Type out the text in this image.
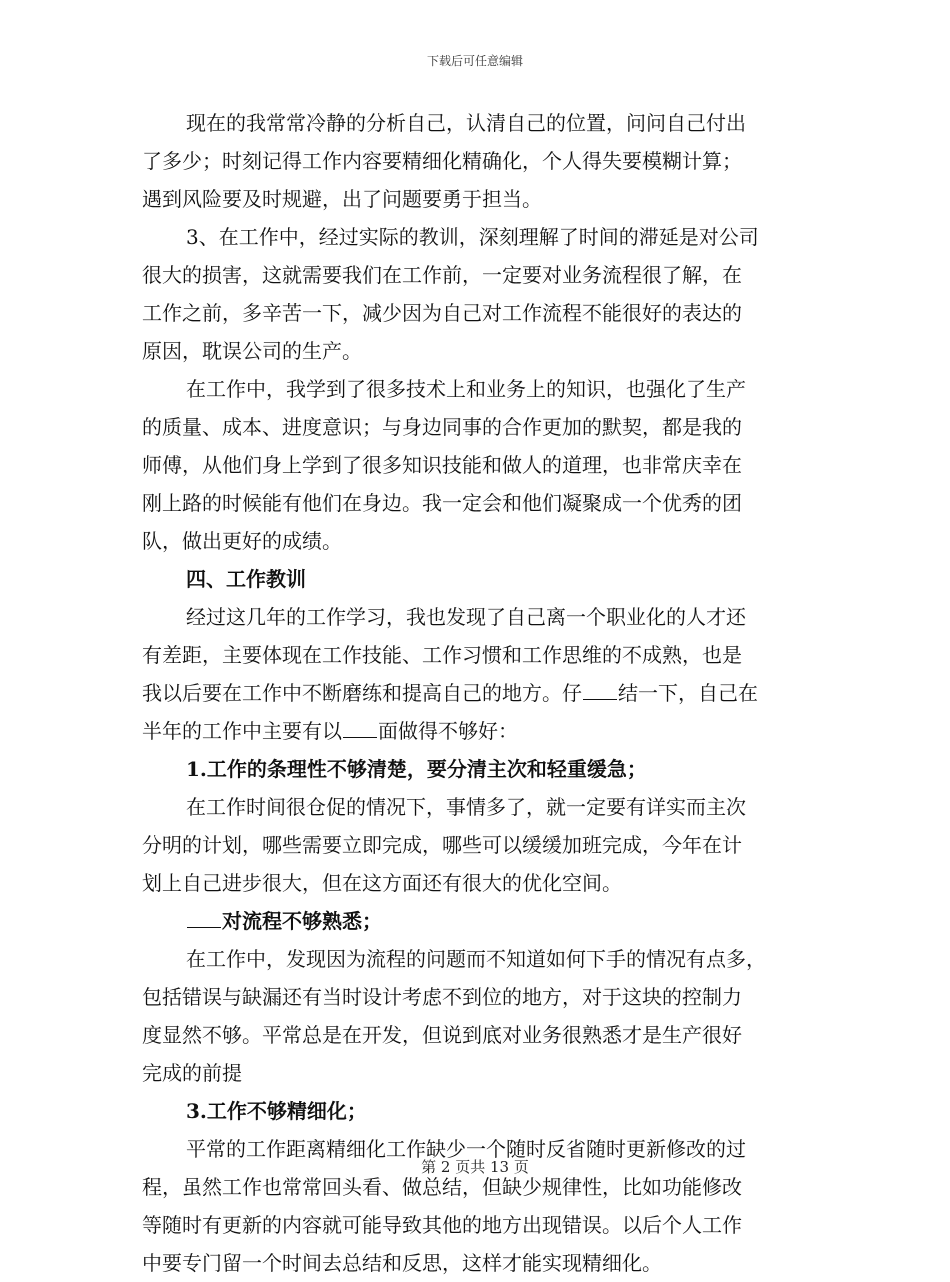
下载后可任意编辑
现在的我常常冷静的分析自己，认清自己的位置，问问自己付出
了多少；时刻记得工作内容要精细化精确化，个人得失要模糊计算；
遇到风险要及时规避，出了问题要勇于担当。
3、在工作中，经过实际的教训，深刻理解了时间的滞延是对公司
很大的损害，这就需要我们在工作前，一定要对业务流程很了解，在
工作之前，多辛苦一下，减少因为自己对工作流程不能很好的表达的
原因，耽误公司的生产。
在工作中，我学到了很多技术上和业务上的知识，也强化了生产
的质量、成本、进度意识；与身边同事的合作更加的默契，都是我的
师傅，从他们身上学到了很多知识技能和做人的道理，也非常庆幸在
刚上路的时候能有他们在身边。我一定会和他们凝聚成一个优秀的团
队，做出更好的成绩。
四、工作教训
经过这几年的工作学习，我也发现了自己离一个职业化的人才还
有差距，主要体现在工作技能、工作习惯和工作思维的不成熟，也是
我以后要在工作中不断磨练和提高自己的地方。仔 结一下，自己在
半年的工作中主要有以 面做得不够好：
1.工作的条理性不够清楚，要分清主次和轻重缓急；
在工作时间很仓促的情况下，事情多了，就一定要有详实而主次
分明的计划，哪些需要立即完成，哪些可以缓缓加班完成，今年在计
划上自己进步很大，但在这方面还有很大的优化空间。
对流程不够熟悉；
在工作中，发现因为流程的问题而不知道如何下手的情况有点多，
包括错误与缺漏还有当时设计考虑不到位的地方，对于这块的控制力
度显然不够。平常总是在开发，但说到底对业务很熟悉才是生产很好
完成的前提
3.工作不够精细化；
平常的工作距离精细化工作缺少一个随时反省随时更新修改的过
程，虽然工作也常常回头看、做总结，但缺少规律性，比如功能修改
等随时有更新的内容就可能导致其他的地方出现错误。以后个人工作
中要专门留一个时间去总结和反思，这样才能实现精细化。
第 2 页共 13 页
